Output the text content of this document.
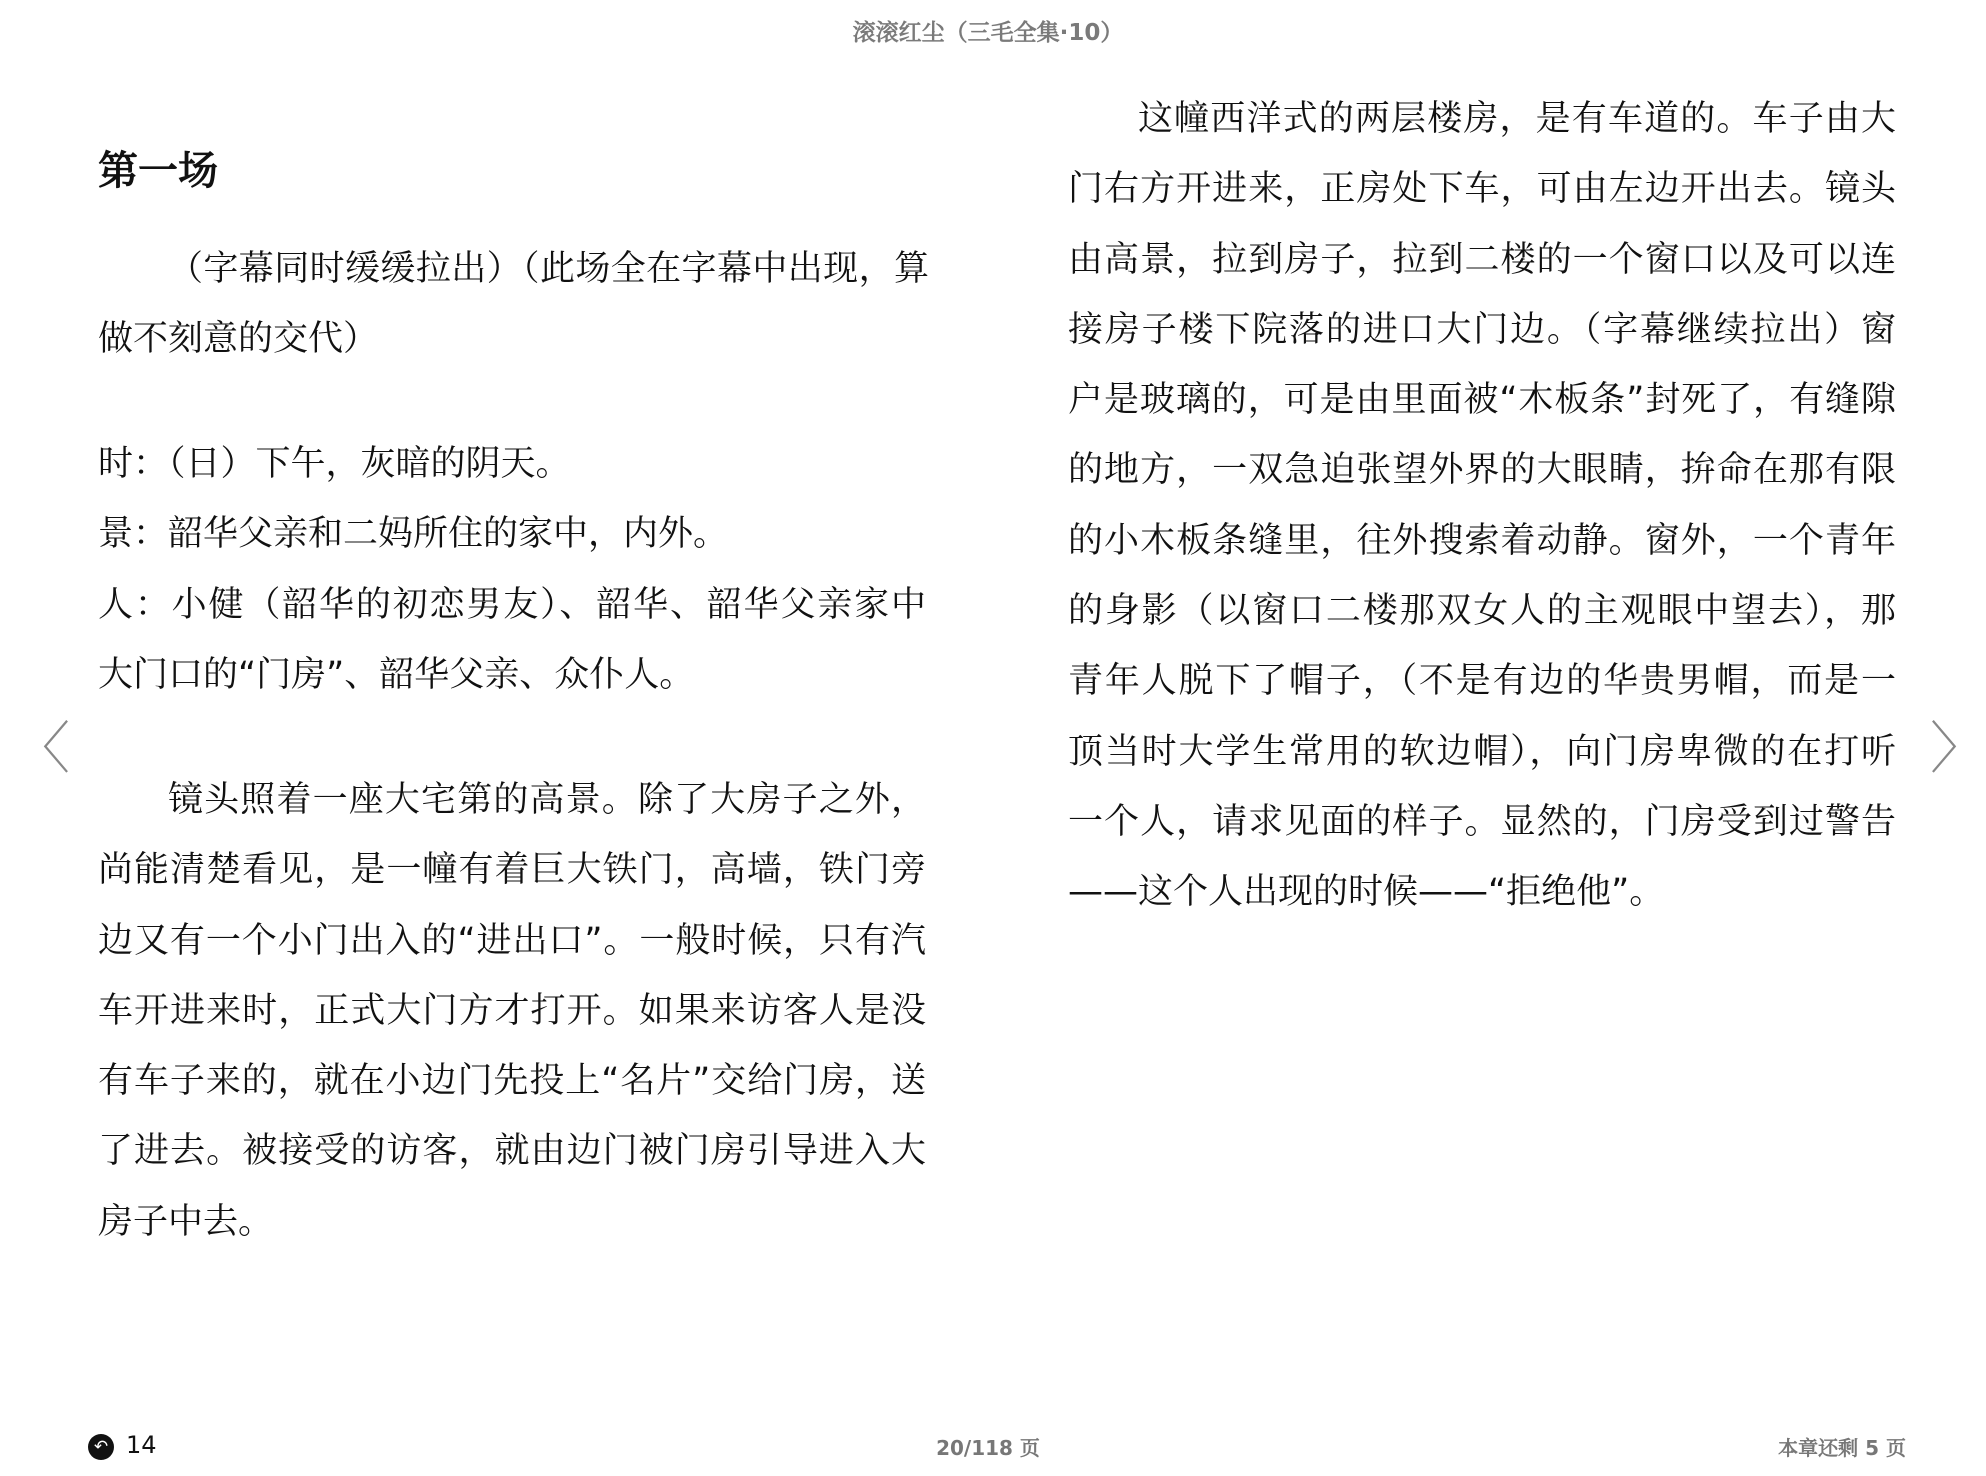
滚滚红尘（三毛全集·10）
第一场
（字幕同时缓缓拉出）（此场全在字幕中出现，算
做不刻意的交代）
时：（日）下午，灰暗的阴天。
景：韶华父亲和二妈所住的家中，内外。
人：小健（韶华的初恋男友）、韶华、韶华父亲家中
大门口的“门房”、韶华父亲、众仆人。
镜头照着一座大宅第的高景。除了大房子之外，
尚能清楚看见，是一幢有着巨大铁门，高墙，铁门旁
边又有一个小门出入的“进出口”。一般时候，只有汽
车开进来时，正式大门方才打开。如果来访客人是没
有车子来的，就在小边门先投上“名片”交给门房，送
了进去。被接受的访客，就由边门被门房引导进入大
房子中去。
这幢西洋式的两层楼房，是有车道的。车子由大
门右方开进来，正房处下车，可由左边开出去。镜头
由高景，拉到房子，拉到二楼的一个窗口以及可以连
接房子楼下院落的进口大门边。（字幕继续拉出）窗
户是玻璃的，可是由里面被“木板条”封死了，有缝隙
的地方，一双急迫张望外界的大眼睛，拚命在那有限
的小木板条缝里，往外搜索着动静。窗外，一个青年
的身影（以窗口二楼那双女人的主观眼中望去），那
青年人脱下了帽子，（不是有边的华贵男帽，而是一
顶当时大学生常用的软边帽），向门房卑微的在打听
一个人，请求见面的样子。显然的，门房受到过警告
——这个人出现的时候——“拒绝他”。
〈	〉
↶ 14	20/118 页	本章还剩 5 页
